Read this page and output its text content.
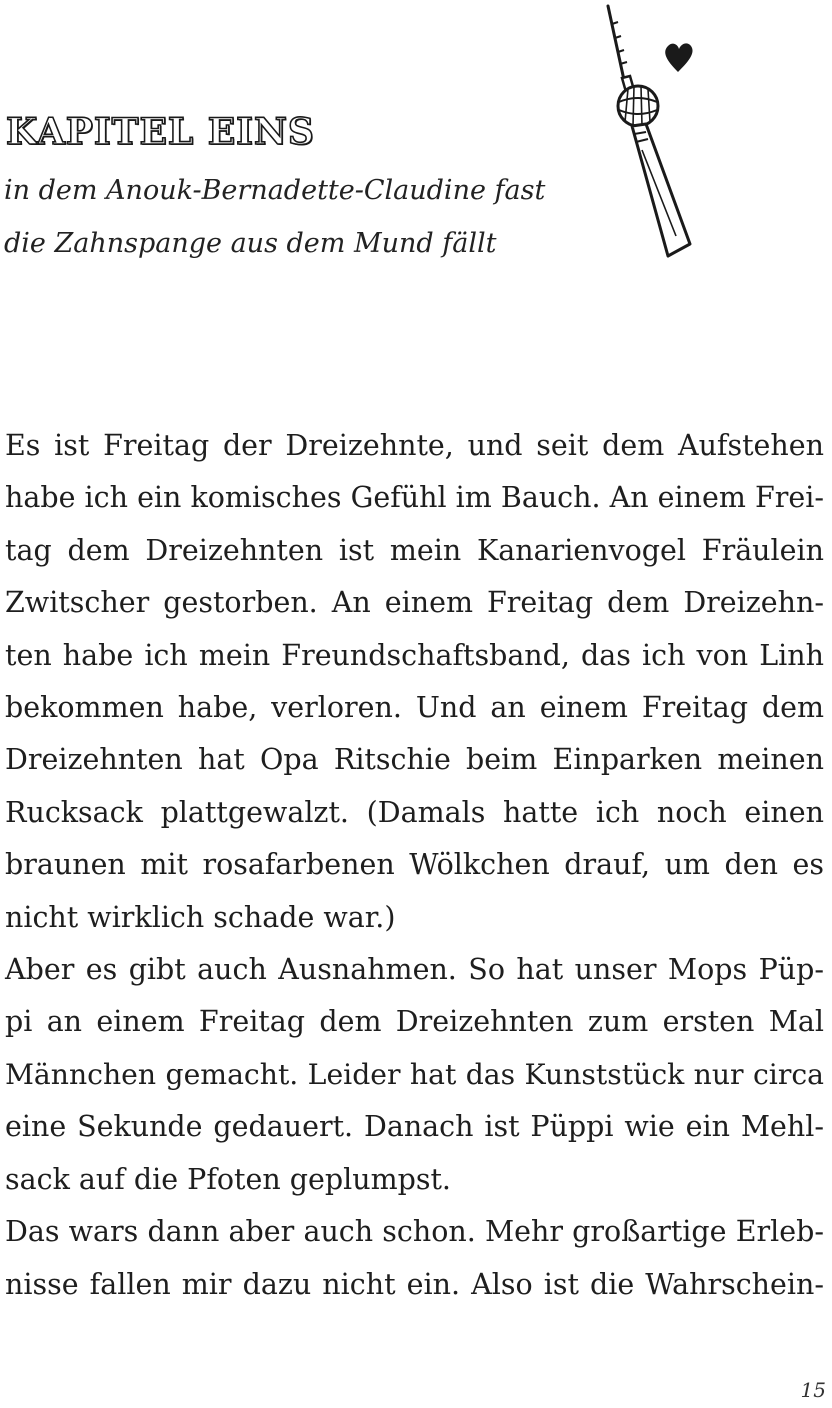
KAPITEL EINS
in dem Anouk-Bernadette-Claudine fast
die Zahnspange aus dem Mund fällt
Es ist Freitag der Dreizehnte, und seit dem Aufstehen
habe ich ein komisches Gefühl im Bauch. An einem Frei-
tag dem Dreizehnten ist mein Kanarienvogel Fräulein
Zwitscher gestorben. An einem Freitag dem Dreizehn-
ten habe ich mein Freundschaftsband, das ich von Linh
bekommen habe, verloren. Und an einem Freitag dem
Dreizehnten hat Opa Ritschie beim Einparken meinen
Rucksack plattgewalzt. (Damals hatte ich noch einen
braunen mit rosafarbenen Wölkchen drauf, um den es
nicht wirklich schade war.)
Aber es gibt auch Ausnahmen. So hat unser Mops Püp-
pi an einem Freitag dem Dreizehnten zum ersten Mal
Männchen gemacht. Leider hat das Kunststück nur circa
eine Sekunde gedauert. Danach ist Püppi wie ein Mehl-
sack auf die Pfoten geplumpst.
Das wars dann aber auch schon. Mehr großartige Erleb-
nisse fallen mir dazu nicht ein. Also ist die Wahrschein-

15
